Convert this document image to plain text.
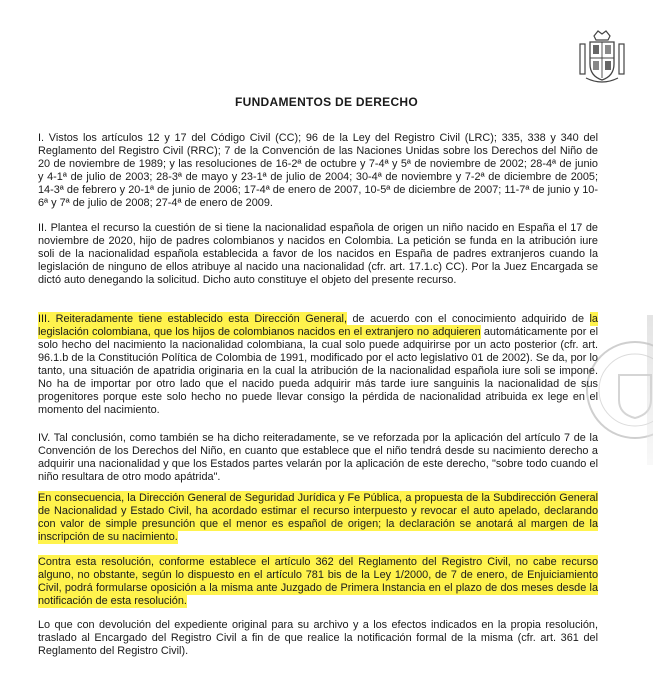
FUNDAMENTOS DE DERECHO

I. Vistos los artículos 12 y 17 del Código Civil (CC); 96 de la Ley del Registro Civil (LRC); 335, 338 y 340 del Reglamento del Registro Civil (RRC); 7 de la Convención de las Naciones Unidas sobre los Derechos del Niño de 20 de noviembre de 1989; y las resoluciones de 16-2ª de octubre y 7-4ª y 5ª de noviembre de 2002; 28-4ª de junio y 4-1ª de julio de 2003; 28-3ª de mayo y 23-1ª de julio de 2004; 30-4ª de noviembre y 7-2ª de diciembre de 2005; 14-3ª de febrero y 20-1ª de junio de 2006; 17-4ª de enero de 2007, 10-5ª de diciembre de 2007; 11-7ª de junio y 10-6ª y 7ª de julio de 2008; 27-4ª de enero de 2009.

II. Plantea el recurso la cuestión de si tiene la nacionalidad española de origen un niño nacido en España el 17 de noviembre de 2020, hijo de padres colombianos y nacidos en Colombia. La petición se funda en la atribución iure soli de la nacionalidad española establecida a favor de los nacidos en España de padres extranjeros cuando la legislación de ninguno de ellos atribuye al nacido una nacionalidad (cfr. art. 17.1.c) CC). Por la Juez Encargada se dictó auto denegando la solicitud. Dicho auto constituye el objeto del presente recurso.

III. Reiteradamente tiene establecido esta Dirección General, de acuerdo con el conocimiento adquirido de la legislación colombiana, que los hijos de colombianos nacidos en el extranjero no adquieren automáticamente por el solo hecho del nacimiento la nacionalidad colombiana, la cual solo puede adquirirse por un acto posterior (cfr. art. 96.1.b de la Constitución Política de Colombia de 1991, modificado por el acto legislativo 01 de 2002). Se da, por lo tanto, una situación de apatridia originaria en la cual la atribución de la nacionalidad española iure soli se impone. No ha de importar por otro lado que el nacido pueda adquirir más tarde iure sanguinis la nacionalidad de sus progenitores porque este solo hecho no puede llevar consigo la pérdida de nacionalidad atribuida ex lege en el momento del nacimiento.

IV. Tal conclusión, como también se ha dicho reiteradamente, se ve reforzada por la aplicación del artículo 7 de la Convención de los Derechos del Niño, en cuanto que establece que el niño tendrá desde su nacimiento derecho a adquirir una nacionalidad y que los Estados partes velarán por la aplicación de este derecho, "sobre todo cuando el niño resultara de otro modo apátrida".

En consecuencia, la Dirección General de Seguridad Jurídica y Fe Pública, a propuesta de la Subdirección General de Nacionalidad y Estado Civil, ha acordado estimar el recurso interpuesto y revocar el auto apelado, declarando con valor de simple presunción que el menor es español de origen; la declaración se anotará al margen de la inscripción de su nacimiento.

Contra esta resolución, conforme establece el artículo 362 del Reglamento del Registro Civil, no cabe recurso alguno, no obstante, según lo dispuesto en el artículo 781 bis de la Ley 1/2000, de 7 de enero, de Enjuiciamiento Civil, podrá formularse oposición a la misma ante Juzgado de Primera Instancia en el plazo de dos meses desde la notificación de esta resolución.

Lo que con devolución del expediente original para su archivo y a los efectos indicados en la propia resolución, traslado al Encargado del Registro Civil a fin de que realice la notificación formal de la misma (cfr. art. 361 del Reglamento del Registro Civil).
